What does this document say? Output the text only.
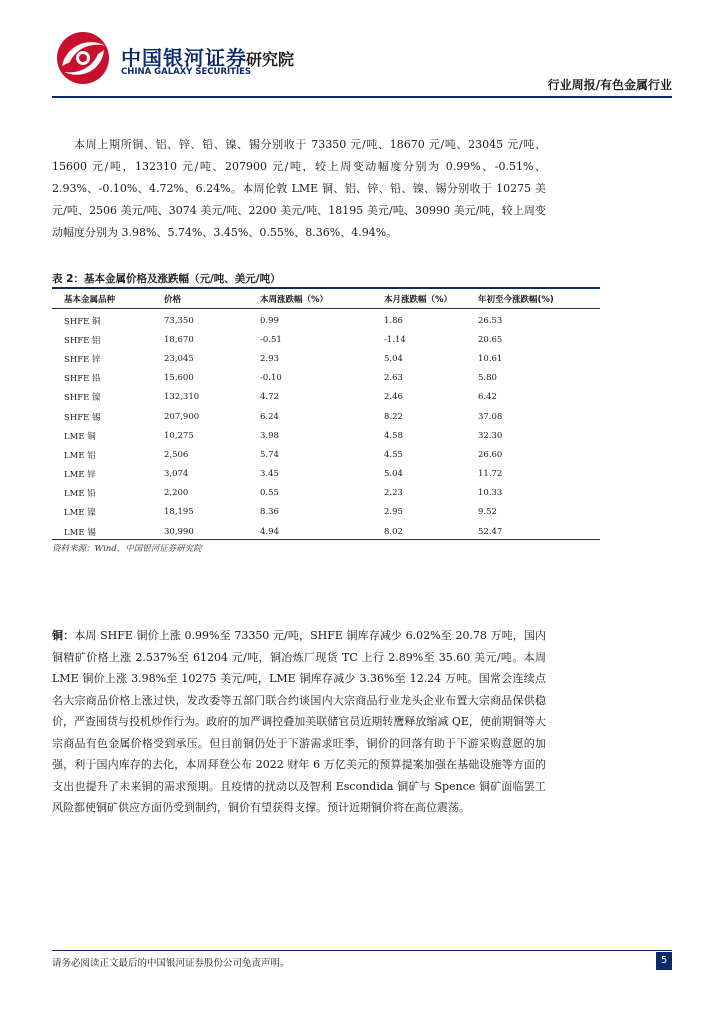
中国银河证券
CHINA GALAXY SECURITIES
研究院
行业周报/有色金属行业
本周上期所铜、铝、锌、铅、镍、锡分别收于 73350 元/吨、18670 元/吨、23045 元/吨、15600 元/吨，132310 元/吨、207900 元/吨，较上周变动幅度分别为 0.99%、-0.51%、2.93%、-0.10%、4.72%、6.24%。本周伦敦 LME 铜、铝、锌、铅、镍、锡分别收于 10275 美元/吨、2506 美元/吨、3074 美元/吨、2200 美元/吨、18195 美元/吨、30990 美元/吨，较上周变动幅度分别为 3.98%、5.74%、3.45%、0.55%、8.36%、4.94%。
表 2：基本金属价格及涨跌幅（元/吨、美元/吨）
基本金属品种	价格	本周涨跌幅（%）	本月涨跌幅（%）	年初至今涨跌幅(%)
SHFE 铜	73,350	0.99	1.86	26.53
SHFE 铝	18,670	-0.51	-1.14	20.65
SHFE 锌	23,045	2.93	5.04	10.61
SHFE 铅	15,600	-0.10	2.63	5.80
SHFE 镍	132,310	4.72	2.46	6.42
SHFE 锡	207,900	6.24	8.22	37.08
LME 铜	10,275	3.98	4.58	32.30
LME 铝	2,506	5.74	4.55	26.60
LME 锌	3,074	3.45	5.04	11.72
LME 铅	2,200	0.55	2.23	10.33
LME 镍	18,195	8.36	2.95	9.52
LME 锡	30,990	4.94	8.02	52.47
资料来源：Wind，中国银河证券研究院
铜：本周 SHFE 铜价上涨 0.99%至 73350 元/吨，SHFE 铜库存减少 6.02%至 20.78 万吨，国内铜精矿价格上涨 2.537%至 61204 元/吨，铜冶炼厂现货 TC 上行 2.89%至 35.60 美元/吨。本周 LME 铜价上涨 3.98%至 10275 美元/吨，LME 铜库存减少 3.36%至 12.24 万吨。国常会连续点名大宗商品价格上涨过快，发改委等五部门联合约谈国内大宗商品行业龙头企业布置大宗商品保供稳价，严查囤货与投机炒作行为。政府的加严调控叠加美联储官员近期转鹰释放缩减 QE，使前期铜等大宗商品有色金属价格受到承压。但目前铜仍处于下游需求旺季，铜价的回落有助于下游采购意愿的加强，利于国内库存的去化，本周拜登公布 2022 财年 6 万亿美元的预算提案加强在基础设施等方面的支出也提升了未来铜的需求预期。且疫情的扰动以及智利 Escondida 铜矿与 Spence 铜矿面临罢工风险都使铜矿供应方面仍受到制约，铜价有望获得支撑。预计近期铜价将在高位震荡。
请务必阅读正文最后的中国银河证券股份公司免责声明。	5
